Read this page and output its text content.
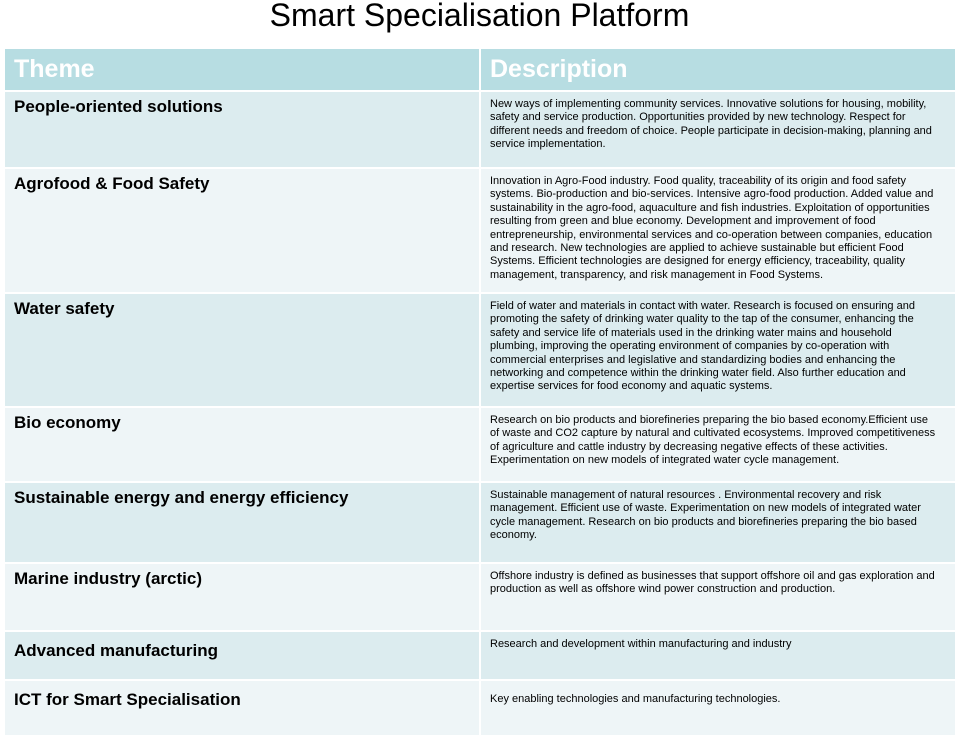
Smart Specialisation Platform
Theme	Description
People-oriented solutions	New ways of implementing community services. Innovative solutions for housing, mobility, safety and service production. Opportunities provided by new technology. Respect for different needs and freedom of choice. People participate in decision-making, planning and service implementation.
Agrofood & Food Safety	Innovation in Agro-Food industry. Food quality, traceability of its origin and food safety systems. Bio-production and bio-services. Intensive agro-food production. Added value and sustainability in the agro-food, aquaculture and fish industries. Exploitation of opportunities resulting from green and blue economy. Development and improvement of food entrepreneurship, environmental services and co-operation between companies, education and research. New technologies are applied to achieve sustainable but efficient Food Systems. Efficient technologies are designed for energy efficiency, traceability, quality management, transparency, and risk management in Food Systems.
Water safety	Field of water and materials in contact with water. Research is focused on ensuring and promoting the safety of drinking water quality to the tap of the consumer, enhancing the safety and service life of materials used in the drinking water mains and household plumbing, improving the operating environment of companies by co-operation with commercial enterprises and legislative and standardizing bodies and enhancing the networking and competence within the drinking water field. Also further education and expertise services for food economy and aquatic systems.
Bio economy	Research on bio products and biorefineries preparing the bio based economy.Efficient use of waste and CO2 capture by natural and cultivated ecosystems. Improved competitiveness of agriculture and cattle industry by decreasing negative effects of these activities. Experimentation on new models of integrated water cycle management.
Sustainable energy and energy efficiency	Sustainable management of natural resources . Environmental recovery and risk management. Efficient use of waste. Experimentation on new models of integrated water cycle management. Research on bio products and biorefineries preparing the bio based economy.
Marine industry (arctic)	Offshore industry is defined as businesses that support offshore oil and gas exploration and production as well as offshore wind power construction and production.
Advanced manufacturing	Research and development within manufacturing and industry
ICT for Smart Specialisation	Key enabling technologies and manufacturing technologies.
